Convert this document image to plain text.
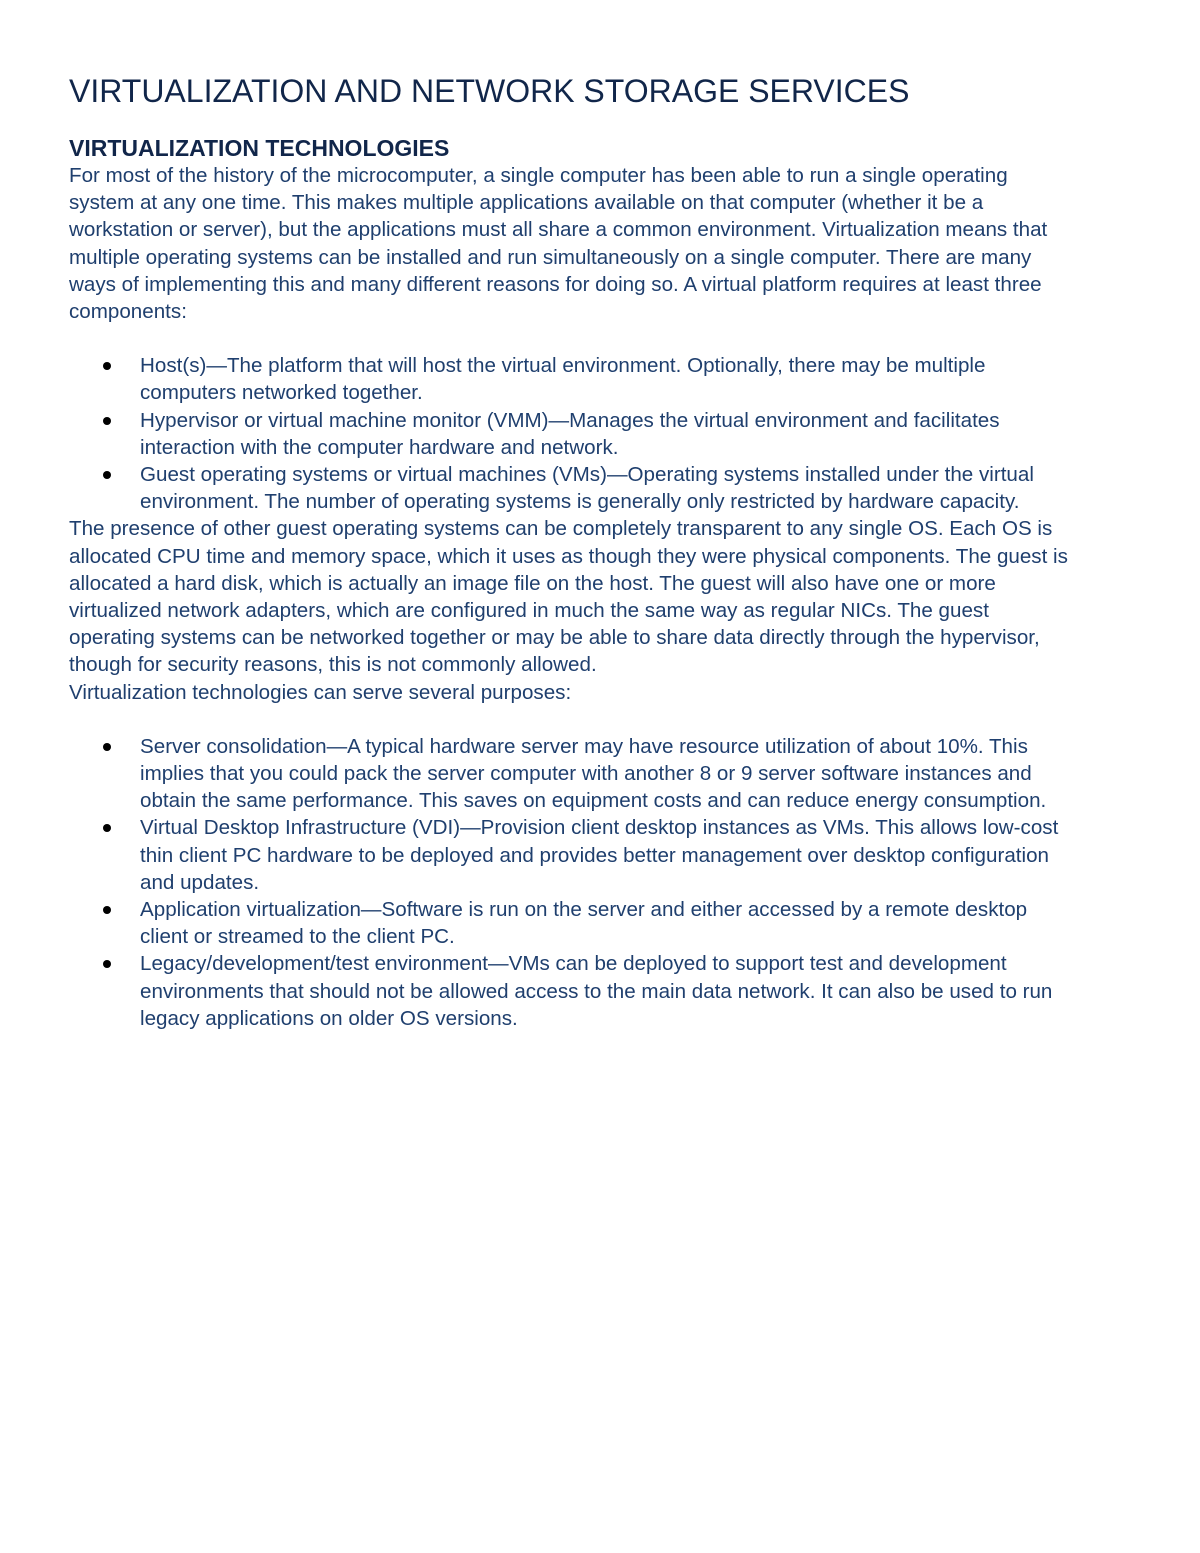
VIRTUALIZATION AND NETWORK STORAGE SERVICES
VIRTUALIZATION TECHNOLOGIES

For most of the history of the microcomputer, a single computer has been able to run a single operating system at any one time. This makes multiple applications available on that computer (whether it be a workstation or server), but the applications must all share a common environment. Virtualization means that multiple operating systems can be installed and run simultaneously on a single computer. There are many ways of implementing this and many different reasons for doing so. A virtual platform requires at least three components:

Host(s)—The platform that will host the virtual environment. Optionally, there may be multiple computers networked together.
Hypervisor or virtual machine monitor (VMM)—Manages the virtual environment and facilitates interaction with the computer hardware and network.
Guest operating systems or virtual machines (VMs)—Operating systems installed under the virtual environment. The number of operating systems is generally only restricted by hardware capacity.

The presence of other guest operating systems can be completely transparent to any single OS. Each OS is allocated CPU time and memory space, which it uses as though they were physical components. The guest is allocated a hard disk, which is actually an image file on the host. The guest will also have one or more virtualized network adapters, which are configured in much the same way as regular NICs. The guest operating systems can be networked together or may be able to share data directly through the hypervisor, though for security reasons, this is not commonly allowed.

Virtualization technologies can serve several purposes:

Server consolidation—A typical hardware server may have resource utilization of about 10%. This implies that you could pack the server computer with another 8 or 9 server software instances and obtain the same performance. This saves on equipment costs and can reduce energy consumption.
Virtual Desktop Infrastructure (VDI)—Provision client desktop instances as VMs. This allows low-cost thin client PC hardware to be deployed and provides better management over desktop configuration and updates.
Application virtualization—Software is run on the server and either accessed by a remote desktop client or streamed to the client PC.
Legacy/development/test environment—VMs can be deployed to support test and development environments that should not be allowed access to the main data network. It can also be used to run legacy applications on older OS versions.
